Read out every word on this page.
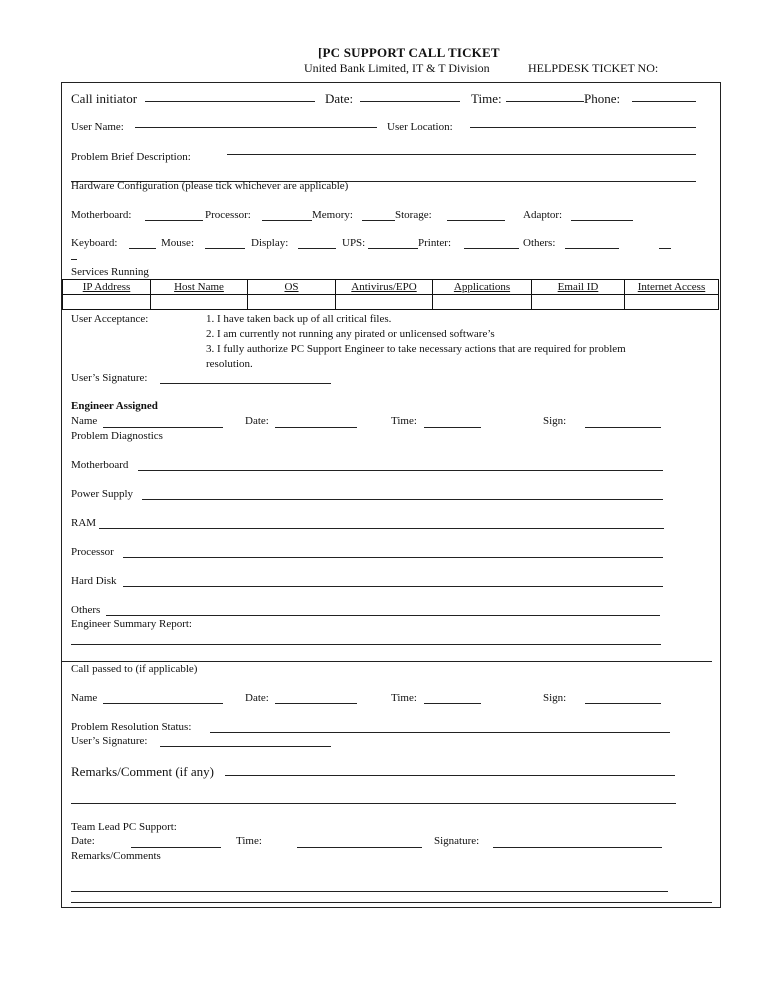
[PC SUPPORT CALL TICKET
United Bank Limited, IT & T Division	HELPDESK TICKET NO:
Call initiator	Date:	Time:	Phone:
User Name:	User Location:
Problem Brief Description:
Hardware Configuration (please tick whichever are applicable)
Motherboard:	Processor:	Memory:	Storage:	Adaptor:
Keyboard:	Mouse:	Display:	UPS:	Printer:	Others:
Services Running
IP Address	Host Name	OS	Antivirus/EPO	Applications	Email ID	Internet Access

User Acceptance:	1. I have taken back up of all critical files.
2. I am currently not running any pirated or unlicensed software’s
3. I fully authorize PC Support Engineer to take necessary actions that are required for problem
resolution.
User’s Signature:
Engineer Assigned
Name	Date:	Time:	Sign:
Problem Diagnostics
Motherboard
Power Supply
RAM
Processor
Hard Disk
Others
Engineer Summary Report:
Call passed to (if applicable)
Name	Date:	Time:	Sign:
Problem Resolution Status:
User’s Signature:
Remarks/Comment (if any)
Team Lead PC Support:
Date:	Time:	Signature:
Remarks/Comments
